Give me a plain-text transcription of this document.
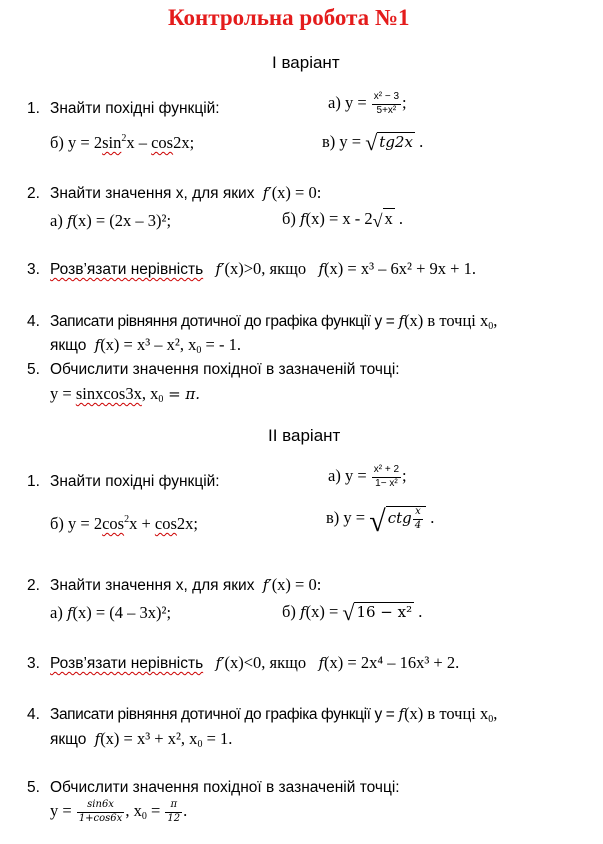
Контрольна робота №1
І варіант
1. Знайти похідні функцій:	а) $у = \frac{\text{x² − 3}}{\text{5+x²}}$ ;
б) $у = 2\sin^2x - \cos 2x$;	в) у = √ tg2x .
2. Знайти значення х, для яких f′(х) = 0:
а) f(х) = (2х – 3)²;	б) f(х) = х - 2√ х .
3. Розв’язати нерівність f′(х)>0, якщо f(х) = х³ – 6х² + 9х + 1.
4. Записати рівняння дотичної до графіка функції у = f(х) в точці $х_0$,
якщо f(х) = х³ – х², $х_0$ = - 1.
5. Обчислити значення похідної в зазначеній точці:
у = sinxcos3x, $х_0 = \pi$.
ІІ варіант
1. Знайти похідні функцій:	а) $у = \frac{\text{x² + 2}}{\text{1− x²}}$ ;
б) $у = 2\cos^2х + \cos 2х$;	в) у = √ ctg $\frac{x}{4}$ .
2. Знайти значення х, для яких f′(х) = 0:
а) f(х) = (4 – 3х)²;	б) f(х) = √ 16 − x² .
3. Розв’язати нерівність f′(х)<0, якщо f(х) = 2х⁴ – 16х³ + 2.
4. Записати рівняння дотичної до графіка функції у = f(х) в точці $х_0$,
якщо f(х) = х³ + х², $х_0 = 1$.
5. Обчислити значення похідної в зазначеній точці:
$у = \frac{\sin 6x}{1+\cos 6x}$ , $х_0 = \frac{\pi}{12}$ .
